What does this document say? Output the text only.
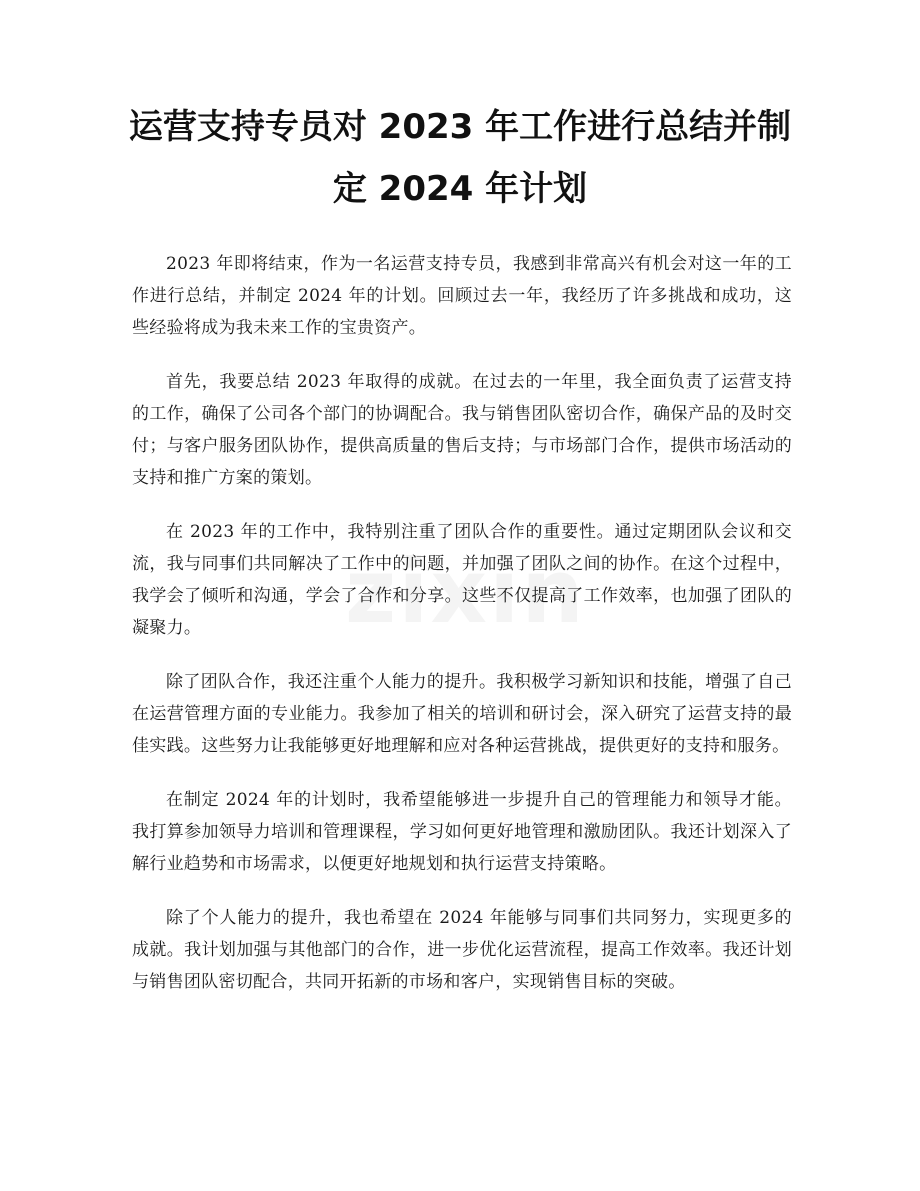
运营支持专员对 2023 年工作进行总结并制定 2024 年计划

2023 年即将结束，作为一名运营支持专员，我感到非常高兴有机会对这一年的工作进行总结，并制定 2024 年的计划。回顾过去一年，我经历了许多挑战和成功，这些经验将成为我未来工作的宝贵资产。

首先，我要总结 2023 年取得的成就。在过去的一年里，我全面负责了运营支持的工作，确保了公司各个部门的协调配合。我与销售团队密切合作，确保产品的及时交付；与客户服务团队协作，提供高质量的售后支持；与市场部门合作，提供市场活动的支持和推广方案的策划。

在 2023 年的工作中，我特别注重了团队合作的重要性。通过定期团队会议和交流，我与同事们共同解决了工作中的问题，并加强了团队之间的协作。在这个过程中，我学会了倾听和沟通，学会了合作和分享。这些不仅提高了工作效率，也加强了团队的凝聚力。

除了团队合作，我还注重个人能力的提升。我积极学习新知识和技能，增强了自己在运营管理方面的专业能力。我参加了相关的培训和研讨会，深入研究了运营支持的最佳实践。这些努力让我能够更好地理解和应对各种运营挑战，提供更好的支持和服务。

在制定 2024 年的计划时，我希望能够进一步提升自己的管理能力和领导才能。我打算参加领导力培训和管理课程，学习如何更好地管理和激励团队。我还计划深入了解行业趋势和市场需求，以便更好地规划和执行运营支持策略。

除了个人能力的提升，我也希望在 2024 年能够与同事们共同努力，实现更多的成就。我计划加强与其他部门的合作，进一步优化运营流程，提高工作效率。我还计划与销售团队密切配合，共同开拓新的市场和客户，实现销售目标的突破。
